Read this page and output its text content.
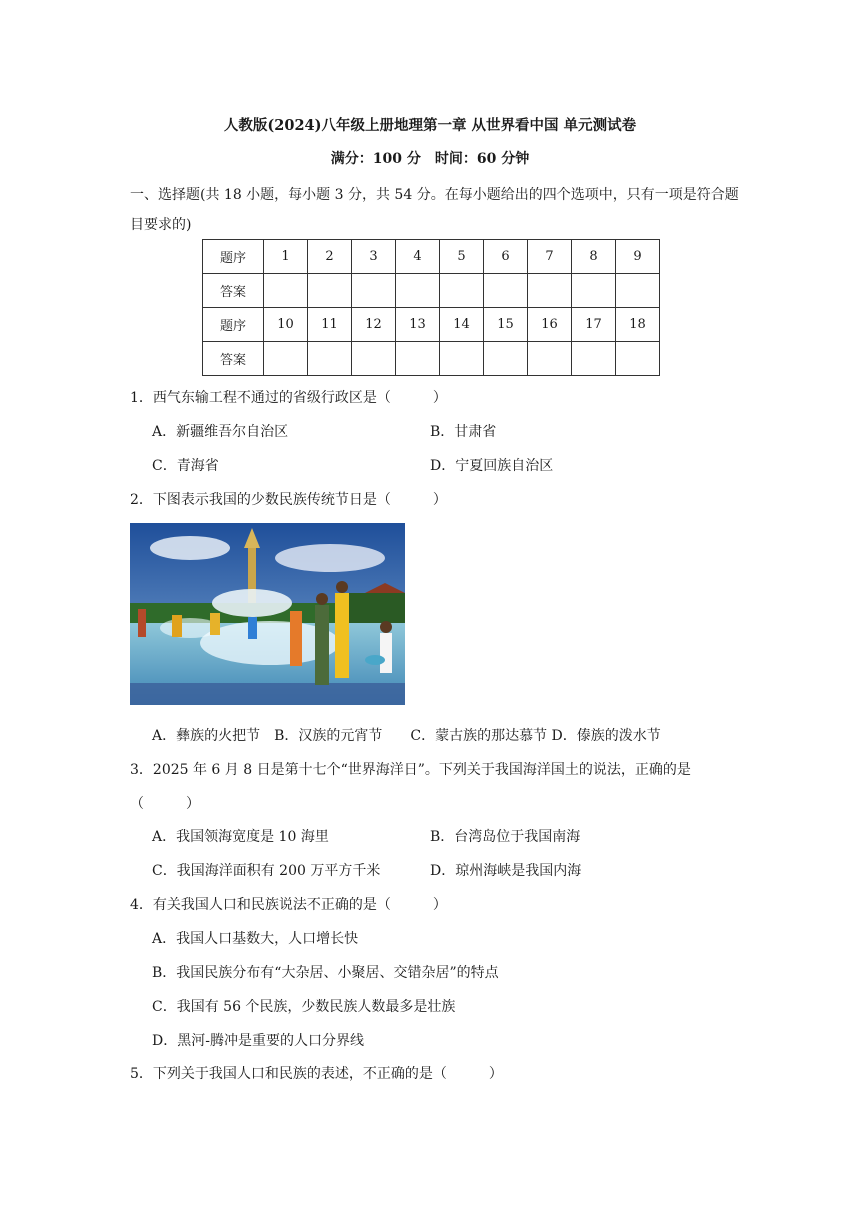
人教版(2024)八年级上册地理第一章 从世界看中国 单元测试卷
满分：100 分　时间：60 分钟
一、选择题(共 18 小题，每小题 3 分，共 54 分。在每小题给出的四个选项中，只有一项是符合题目要求的)
题序	1	2	3	4	5	6	7	8	9
答案									
题序	10	11	12	13	14	15	16	17	18
答案									
1．西气东输工程不通过的省级行政区是（　　　）
A．新疆维吾尔自治区	B．甘肃省
C．青海省	D．宁夏回族自治区
2．下图表示我国的少数民族传统节日是（　　　）
A．彝族的火把节　B．汉族的元宵节　　C．蒙古族的那达慕节 D．傣族的泼水节
3．2025 年 6 月 8 日是第十七个“世界海洋日”。下列关于我国海洋国土的说法，正确的是
（　　　）
A．我国领海宽度是 10 海里	B．台湾岛位于我国南海
C．我国海洋面积有 200 万平方千米	D．琼州海峡是我国内海
4．有关我国人口和民族说法不正确的是（　　　）
A．我国人口基数大，人口增长快
B．我国民族分布有“大杂居、小聚居、交错杂居”的特点
C．我国有 56 个民族，少数民族人数最多是壮族
D．黑河-腾冲是重要的人口分界线
5．下列关于我国人口和民族的表述，不正确的是（　　　）
